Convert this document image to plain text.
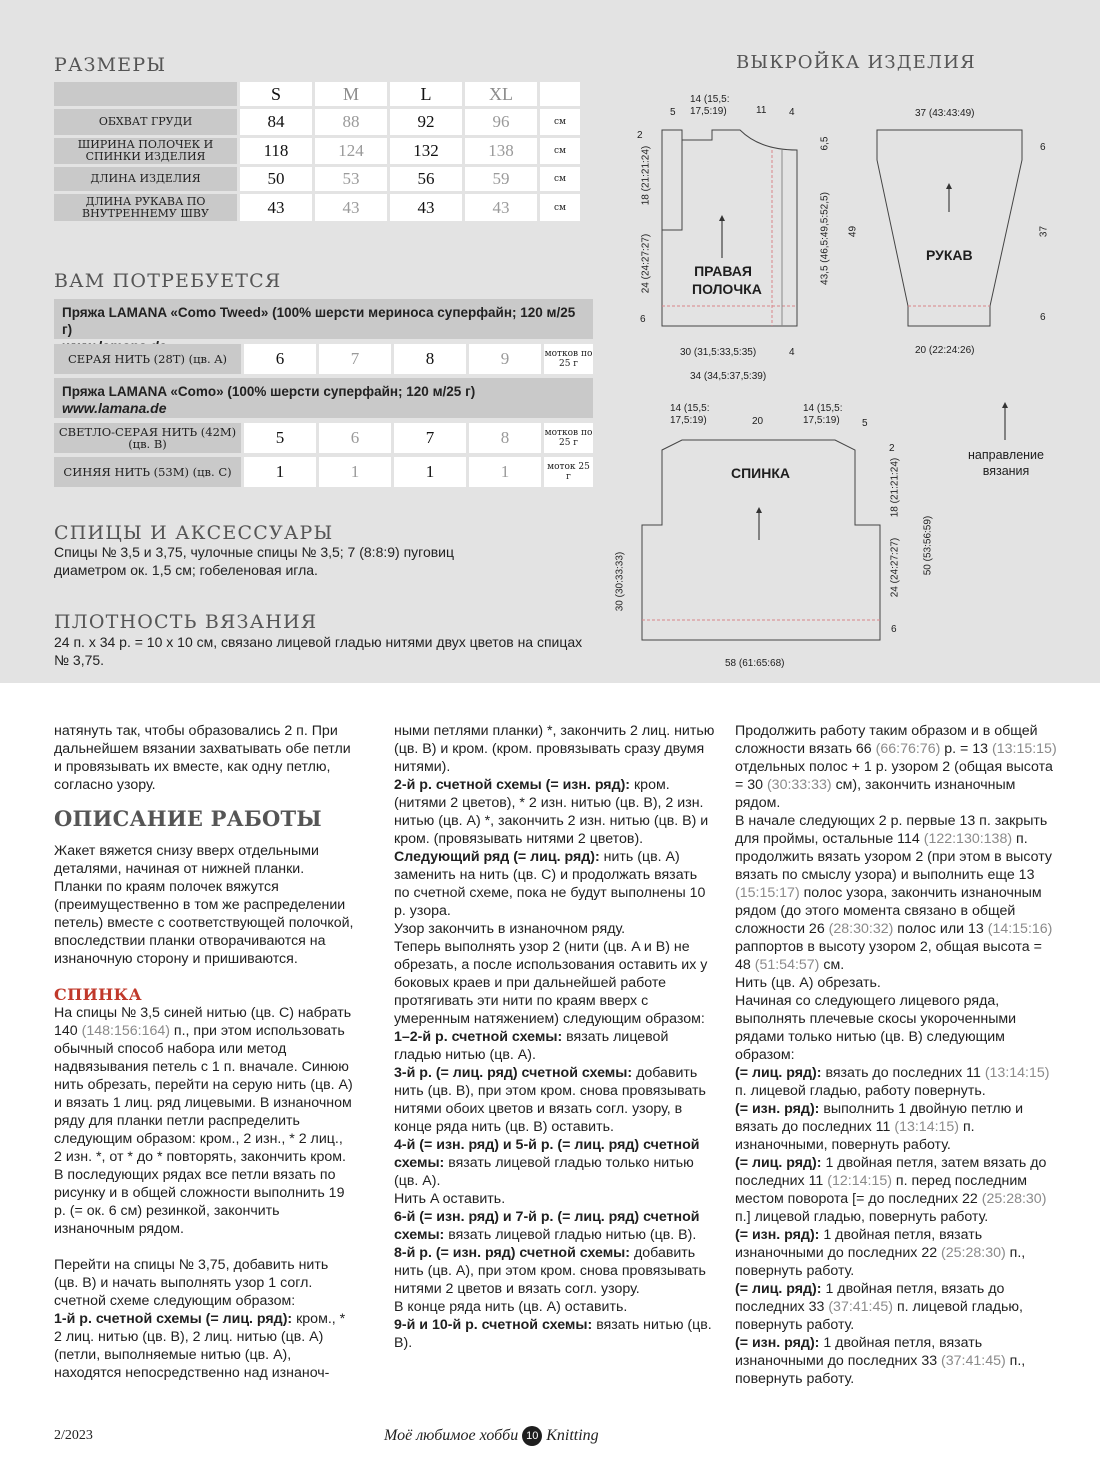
РАЗМЕРЫ
S	M	L	XL
ОБХВАТ ГРУДИ	84	88	92	96	см
ШИРИНА ПОЛОЧЕК И СПИНКИ ИЗДЕЛИЯ	118	124	132	138	см
ДЛИНА ИЗДЕЛИЯ	50	53	56	59	см
ДЛИНА РУКАВА ПО ВНУТРЕННЕМУ ШВУ	43	43	43	43	см
ВАМ ПОТРЕБУЕТСЯ
Пряжа LAMANA «Como Tweed» (100% шерсти мериноса суперфайн; 120 м/25 г)
СЕРАЯ НИТЬ (28T) (цв. A)	6	7	8	9	мотков по 25 г
Пряжа LAMANA «Como» (100% шерсти суперфайн; 120 м/25 г)
www.lamana.de
СВЕТЛО-СЕРАЯ НИТЬ (42M) (цв. B)	5	6	7	8	мотков по 25 г
СИНЯЯ НИТЬ (53M) (цв. C)	1	1	1	1	моток 25 г
СПИЦЫ И АКСЕССУАРЫ
Спицы № 3,5 и 3,75, чулочные спицы № 3,5; 7 (8:8:9) пуговиц диаметром ок. 1,5 см; гобеленовая игла.
ПЛОТНОСТЬ ВЯЗАНИЯ
24 п. х 34 р. = 10 х 10 см, связано лицевой гладью нитями двух цветов на спицах № 3,75.
ВЫКРОЙКА ИЗДЕЛИЯ
ПРАВАЯ
ПОЛОЧКА
РУКАВ
СПИНКА
направление
вязания
14 (15,5:
17,5:19)
5	11 4
2
18 (21:21:24)
24 (24:27:27)
6
6,5
43,5 (46,5:49,5:52,5) 49
30 (31,5:33,5:35)	4
34 (34,5:37,5:39)
37 (43:43:49)
6
37
6
20 (22:24:26)
14 (15,5:
17,5:19)	20
14 (15,5:
17,5:19) 5
2
18 (21:21:24)
24 (24:27:27) 50 (53:56:59)
6
30 (30:33:33)
58 (61:65:68)

натянуть так, чтобы образовались 2 п. При дальнейшем вязании захватывать обе петли и провязывать их вместе, как одну петлю, согласно узору.

ОПИСАНИЕ РАБОТЫ

Жакет вяжется снизу вверх отдельными деталями, начиная от нижней планки. Планки по краям полочек вяжутся (преимущественно в том же распределении петель) вместе с соответствующей полочкой, впоследствии планки отворачиваются на изнаночную сторону и пришиваются.

СПИНКА

На спицы № 3,5 синей нитью (цв. C) набрать 140 (148:156:164) п., при этом использовать обычный способ набора или метод надвязывания петель с 1 п. вначале. Синюю нить обрезать, перейти на серую нить (цв. A) и вязать 1 лиц. ряд лицевыми. В изнаночном ряду для планки петли распределить следующим образом: кром., 2 изн., * 2 лиц., 2 изн. *, от * до * повторять, закончить кром.

В последующих рядах все петли вязать по рисунку и в общей сложности выполнить 19 р. (= ок. 6 см) резинкой, закончить изнаночным рядом.

Перейти на спицы № 3,75, добавить нить (цв. B) и начать выполнять узор 1 согл. счетной схеме следующим образом:

1-й р. счетной схемы (= лиц. ряд): кром., * 2 лиц. нитью (цв. B), 2 лиц. нитью (цв. A) (петли, выполняемые нитью (цв. A), находятся непосредственно над изнаноч-

ными петлями планки) *, закончить 2 лиц. нитью (цв. B) и кром. (кром. провязывать сразу двумя нитями).

2-й р. счетной схемы (= изн. ряд): кром. (нитями 2 цветов), * 2 изн. нитью (цв. B), 2 изн. нитью (цв. A) *, закончить 2 изн. нитью (цв. B) и кром. (провязывать нитями 2 цветов).

Следующий ряд (= лиц. ряд): нить (цв. A) заменить на нить (цв. C) и продолжать вязать по счетной схеме, пока не будут выполнены 10 р. узора.

Узор закончить в изнаночном ряду.

Теперь выполнять узор 2 (нити (цв. A и B) не обрезать, а после использования оставить их у боковых краев и при дальнейшей работе протягивать эти нити по краям вверх с умеренным натяжением) следующим образом:

1–2-й р. счетной схемы: вязать лицевой гладью нитью (цв. A).

3-й р. (= лиц. ряд) счетной схемы: добавить нить (цв. B), при этом кром. снова провязывать нитями обоих цветов и вязать согл. узору, в конце ряда нить (цв. B) оставить.

4-й (= изн. ряд) и 5-й р. (= лиц. ряд) счетной схемы: вязать лицевой гладью только нитью (цв. A).

Нить A оставить.

6-й (= изн. ряд) и 7-й р. (= лиц. ряд) счетной схемы: вязать лицевой гладью нитью (цв. B).

8-й р. (= изн. ряд) счетной схемы: добавить нить (цв. A), при этом кром. снова провязывать нитями 2 цветов и вязать согл. узору.

В конце ряда нить (цв. A) оставить.

9-й и 10-й р. счетной схемы: вязать нитью (цв. B).

Продолжить работу таким образом и в общей сложности вязать 66 (66:76:76) р. = 13 (13:15:15) отдельных полос + 1 р. узором 2 (общая высота = 30 (30:33:33) см), закончить изнаночным рядом.

В начале следующих 2 р. первые 13 п. закрыть для проймы, остальные 114 (122:130:138) п. продолжить вязать узором 2 (при этом в высоту вязать по смыслу узора) и выполнить еще 13 (15:15:17) полос узора, закончить изнаночным рядом (до этого момента связано в общей сложности 26 (28:30:32) полос или 13 (14:15:16) раппортов в высоту узором 2, общая высота = 48 (51:54:57) см.

Нить (цв. A) обрезать.

Начиная со следующего лицевого ряда, выполнять плечевые скосы укороченными рядами только нитью (цв. B) следующим образом:

(= лиц. ряд): вязать до последних 11 (13:14:15) п. лицевой гладью, работу повернуть.

(= изн. ряд): выполнить 1 двойную петлю и вязать до последних 11 (13:14:15) п. изнаночными, повернуть работу.

(= лиц. ряд): 1 двойная петля, затем вязать до последних 11 (12:14:15) п. перед последним местом поворота [= до последних 22 (25:28:30) п.] лицевой гладью, повернуть работу.

(= изн. ряд): 1 двойная петля, вязать изнаночными до последних 22 (25:28:30) п., повернуть работу.

(= лиц. ряд): 1 двойная петля, вязать до последних 33 (37:41:45) п. лицевой гладью, повернуть работу.

(= изн. ряд): 1 двойная петля, вязать изнаночными до последних 33 (37:41:45) п., повернуть работу.

2/2023	Моё любимое хобби 10 Knitting
